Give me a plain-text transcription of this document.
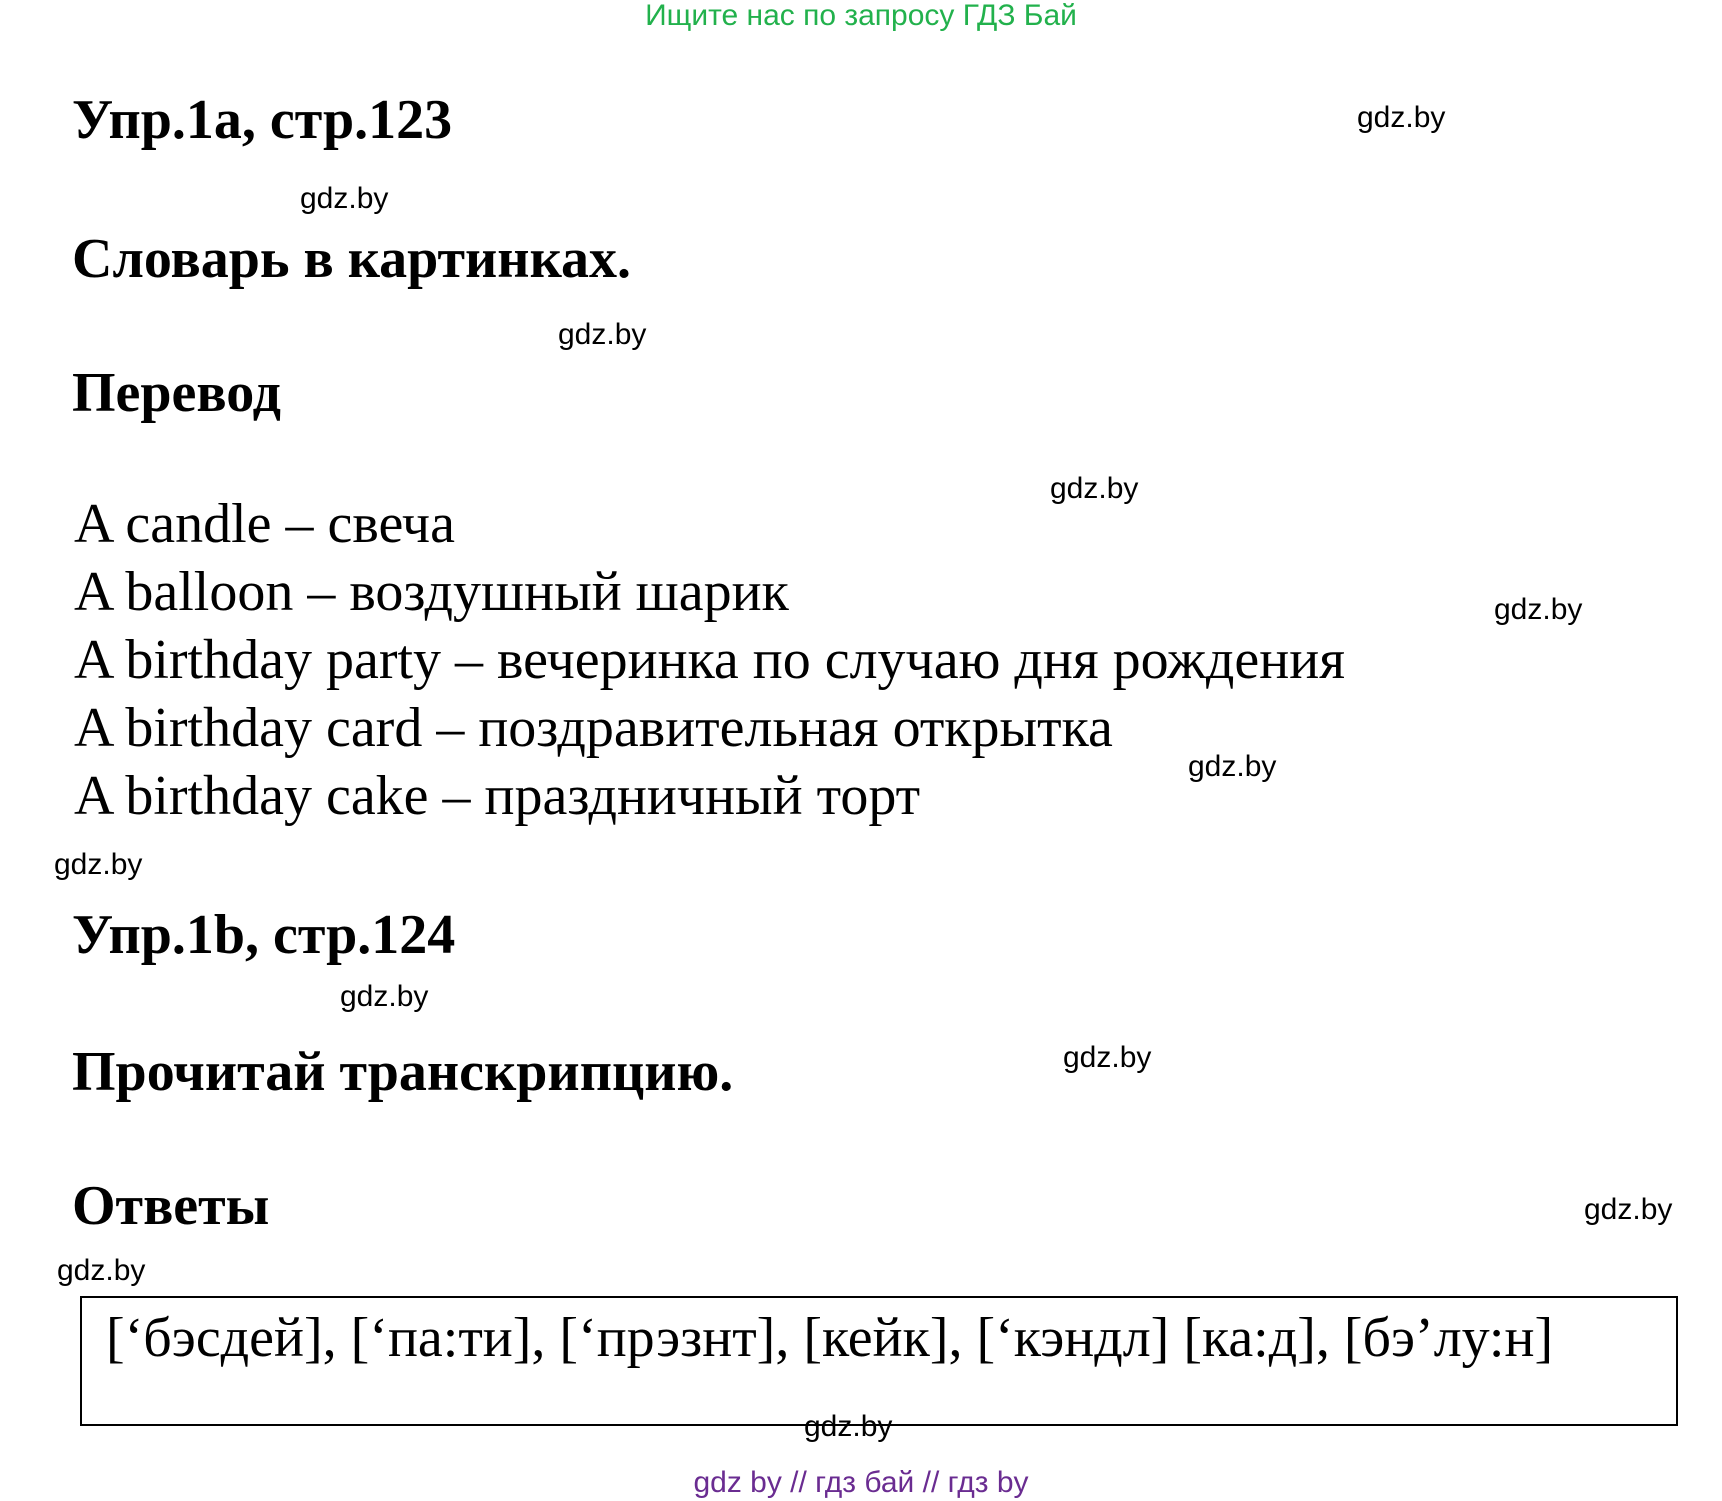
Ищите нас по запросу ГДЗ Бай
Упр.1a, стр.123
Словарь в картинках.
Перевод
A candle – свеча
A balloon – воздушный шарик
A birthday party – вечеринка по случаю дня рождения
A birthday card – поздравительная открытка
A birthday cake – праздничный торт
Упр.1b, стр.124
Прочитай транскрипцию.
Ответы
[‘бэсдей], [‘па:ти], [‘прэзнт], [кейк], [‘кэндл] [ка:д], [бэ’лу:н]
gdz.by
gdz.by
gdz.by
gdz.by
gdz.by
gdz.by
gdz.by
gdz.by
gdz.by
gdz.by
gdz.by
gdz.by
gdz by // гдз бай // гдз by
